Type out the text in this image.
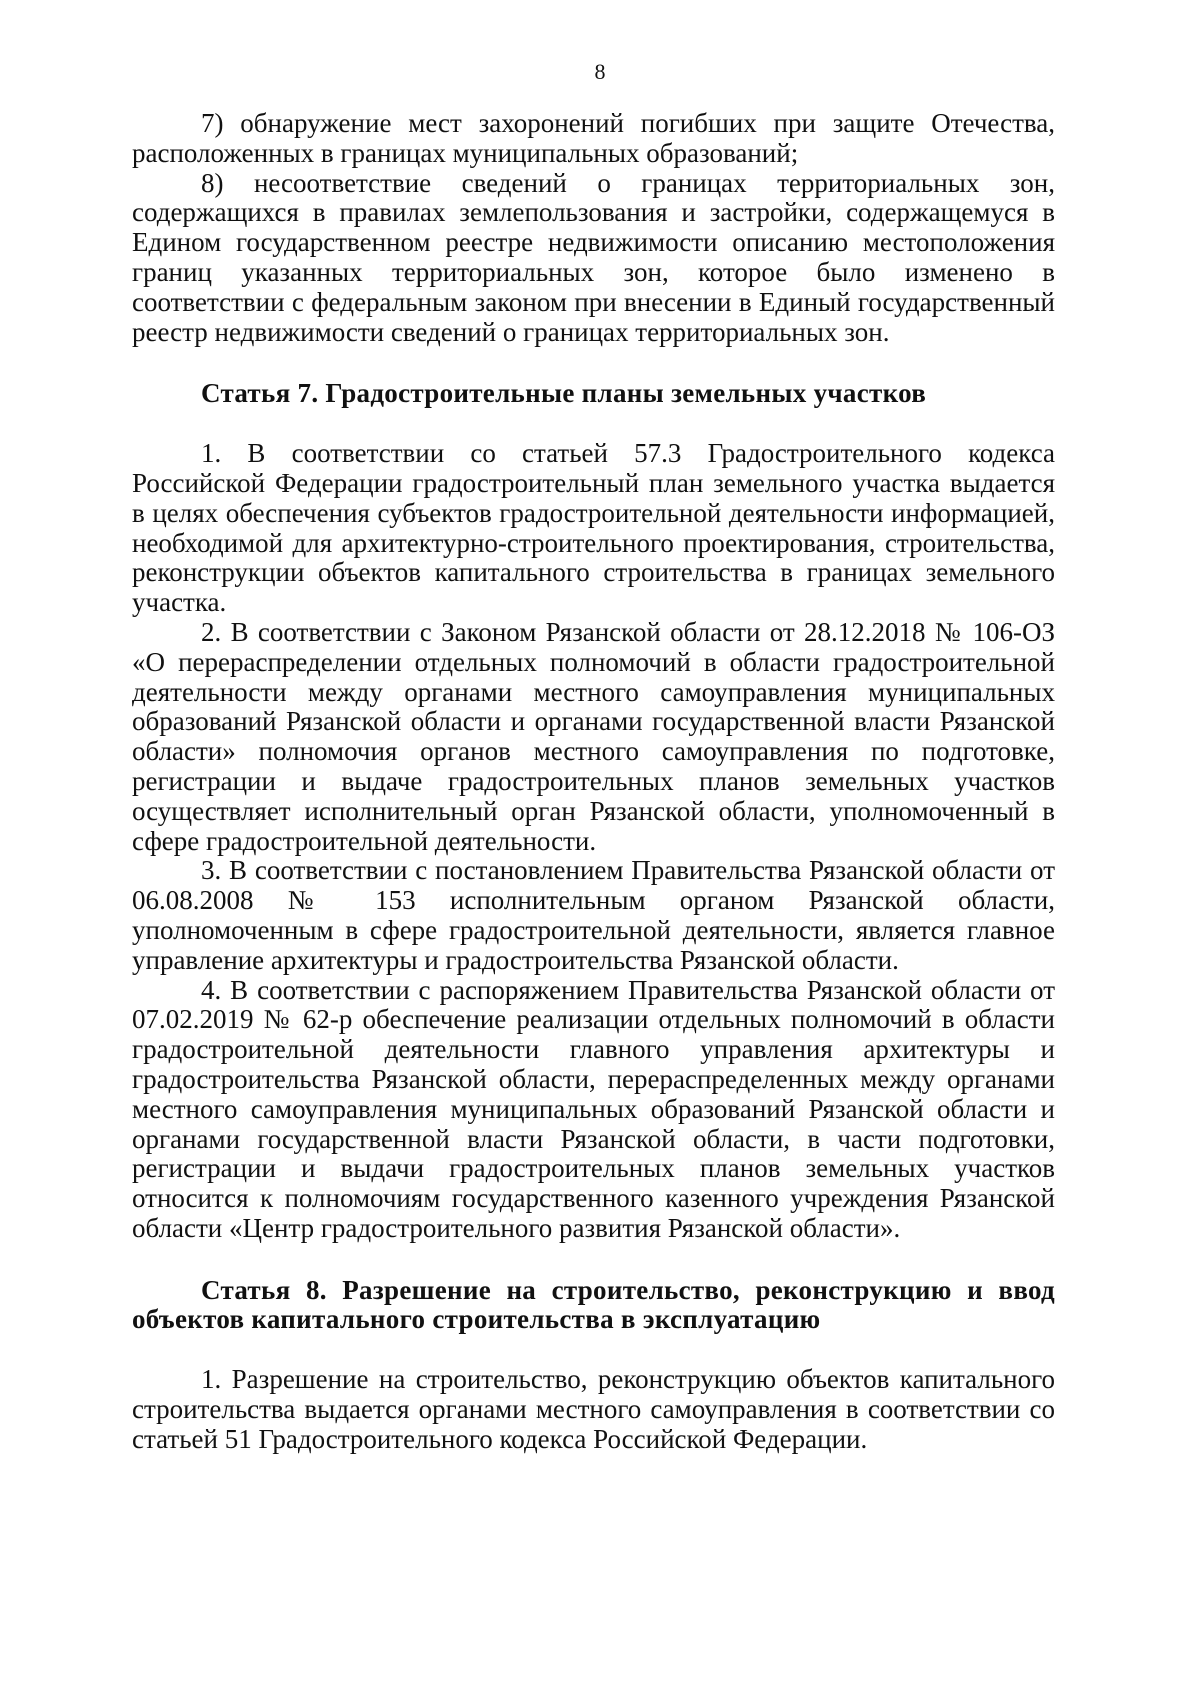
8

7) обнаружение мест захоронений погибших при защите Отечества, расположенных в границах муниципальных образований;

8) несоответствие сведений о границах территориальных зон, содержащихся в правилах землепользования и застройки, содержащемуся в Едином государственном реестре недвижимости описанию местоположения границ указанных территориальных зон, которое было изменено в соответствии с федеральным законом при внесении в Единый государственный реестр недвижимости сведений о границах территориальных зон.

Статья 7. Градостроительные планы земельных участков

1. В соответствии со статьей 57.3 Градостроительного кодекса Российской Федерации градостроительный план земельного участка выдается в целях обеспечения субъектов градостроительной деятельности информацией, необходимой для архитектурно-строительного проектирования, строительства, реконструкции объектов капитального строительства в границах земельного участка.

2. В соответствии с Законом Рязанской области от 28.12.2018 № 106-ОЗ «О перераспределении отдельных полномочий в области градостроительной деятельности между органами местного самоуправления муниципальных образований Рязанской области и органами государственной власти Рязанской области» полномочия органов местного самоуправления по подготовке, регистрации и выдаче градостроительных планов земельных участков осуществляет исполнительный орган Рязанской области, уполномоченный в сфере градостроительной деятельности.

3. В соответствии с постановлением Правительства Рязанской области от 06.08.2008 № 153 исполнительным органом Рязанской области, уполномоченным в сфере градостроительной деятельности, является главное управление архитектуры и градостроительства Рязанской области.

4. В соответствии с распоряжением Правительства Рязанской области от 07.02.2019 № 62-р обеспечение реализации отдельных полномочий в области градостроительной деятельности главного управления архитектуры и градостроительства Рязанской области, перераспределенных между органами местного самоуправления муниципальных образований Рязанской области и органами государственной власти Рязанской области, в части подготовки, регистрации и выдачи градостроительных планов земельных участков относится к полномочиям государственного казенного учреждения Рязанской области «Центр градостроительного развития Рязанской области».

Статья 8. Разрешение на строительство, реконструкцию и ввод объектов капитального строительства в эксплуатацию

1. Разрешение на строительство, реконструкцию объектов капитального строительства выдается органами местного самоуправления в соответствии со статьей 51 Градостроительного кодекса Российской Федерации.
